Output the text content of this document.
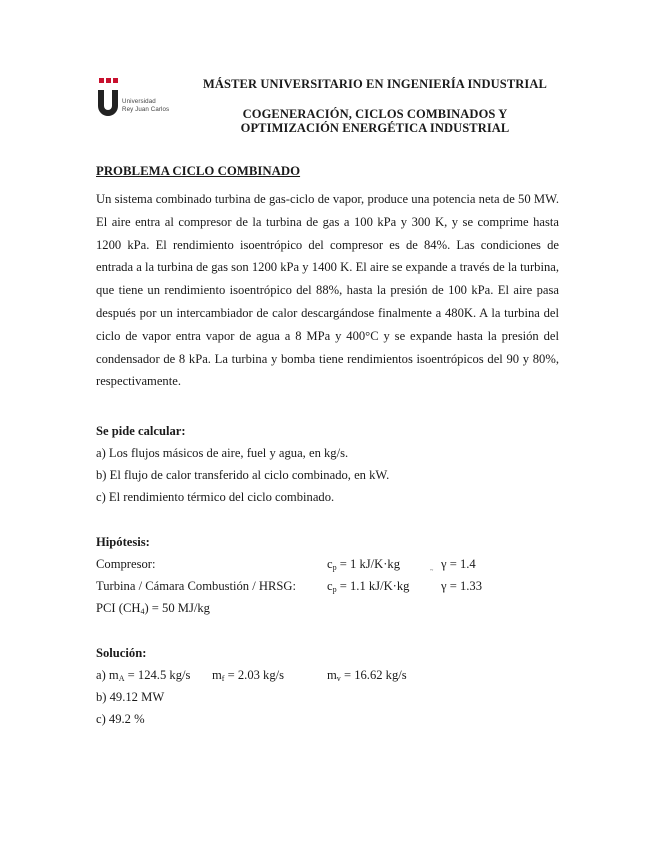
Universidad
Rey Juan Carlos
MÁSTER UNIVERSITARIO EN INGENIERÍA INDUSTRIAL
COGENERACIÓN, CICLOS COMBINADOS Y
OPTIMIZACIÓN ENERGÉTICA INDUSTRIAL
PROBLEMA CICLO COMBINADO
Un sistema combinado turbina de gas-ciclo de vapor, produce una potencia neta de 50 MW. El aire entra al compresor de la turbina de gas a 100 kPa y 300 K, y se comprime hasta 1200 kPa. El rendimiento isoentrópico del compresor es de 84%. Las condiciones de entrada a la turbina de gas son 1200 kPa y 1400 K. El aire se expande a través de la turbina, que tiene un rendimiento isoentrópico del 88%, hasta la presión de 100 kPa. El aire pasa después por un intercambiador de calor descargándose finalmente a 480K. A la turbina del ciclo de vapor entra vapor de agua a 8 MPa y 400°C y se expande hasta la presión del condensador de 8 kPa. La turbina y bomba tiene rendimientos isoentrópicos del 90 y 80%, respectivamente.
Se pide calcular:
a) Los flujos másicos de aire, fuel y agua, en kg/s.
b) El flujo de calor transferido al ciclo combinado, en kW.
c) El rendimiento térmico del ciclo combinado.
Hipótesis:
Compresor:	$c_p = 1$ kJ/K·kg	~ γ = 1.4
Turbina / Cámara Combustión / HRSG: $c_p = 1.1$ kJ/K·kg	γ = 1.33
PCI $(CH_4) = 50$ MJ/kg
Solución:
a) $m_A = 124.5$ kg/s $m_f = 2.03$ kg/s	$m_v = 16.62$ kg/s
b) 49.12 MW
c) 49.2 %
